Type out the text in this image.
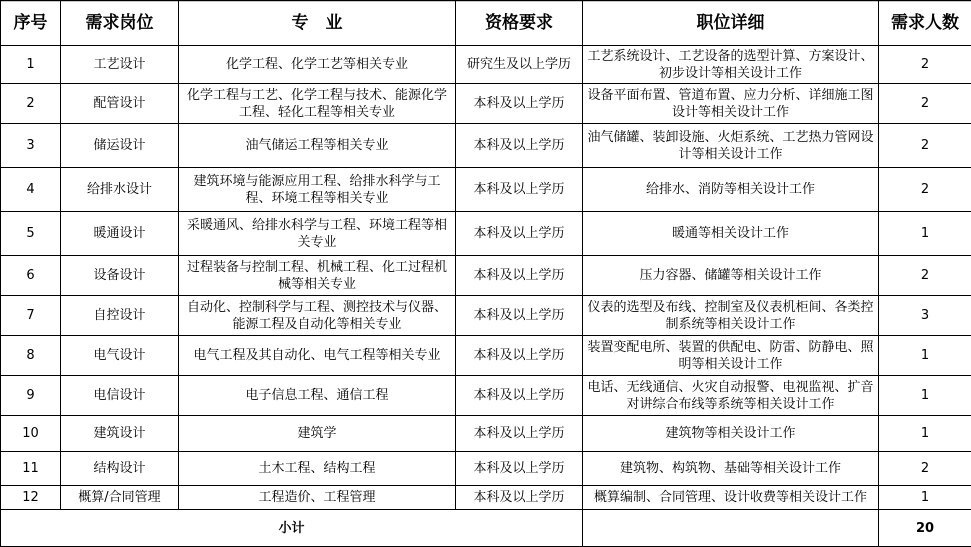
序号	需求岗位	专　业	资格要求	职位详细	需求人数
1	工艺设计	化学工程、化学工艺等相关专业	研究生及以上学历	工艺系统设计、工艺设备的选型计算、方案设计、初步设计等相关设计工作	2
2	配管设计	化学工程与工艺、化学工程与技术、能源化学工程、轻化工程等相关专业	本科及以上学历	设备平面布置、管道布置、应力分析、详细施工图设计等相关设计工作	2
3	储运设计	油气储运工程等相关专业	本科及以上学历	油气储罐、装卸设施、火炬系统、工艺热力管网设计等相关设计工作	2
4	给排水设计	建筑环境与能源应用工程、给排水科学与工程、环境工程等相关专业	本科及以上学历	给排水、消防等相关设计工作	2
5	暖通设计	采暖通风、给排水科学与工程、环境工程等相关专业	本科及以上学历	暖通等相关设计工作	1
6	设备设计	过程装备与控制工程、机械工程、化工过程机械等相关专业	本科及以上学历	压力容器、储罐等相关设计工作	2
7	自控设计	自动化、控制科学与工程、测控技术与仪器、能源工程及自动化等相关专业	本科及以上学历	仪表的选型及布线、控制室及仪表机柜间、各类控制系统等相关设计工作	3
8	电气设计	电气工程及其自动化、电气工程等相关专业	本科及以上学历	装置变配电所、装置的供配电、防雷、防静电、照明等相关设计工作	1
9	电信设计	电子信息工程、通信工程	本科及以上学历	电话、无线通信、火灾自动报警、电视监视、扩音对讲综合布线等系统等相关设计工作	1
10	建筑设计	建筑学	本科及以上学历	建筑物等相关设计工作	1
11	结构设计	土木工程、结构工程	本科及以上学历	建筑物、构筑物、基础等相关设计工作	2
12	概算/合同管理	工程造价、工程管理	本科及以上学历	概算编制、合同管理、设计收费等相关设计工作	1
小计					20
